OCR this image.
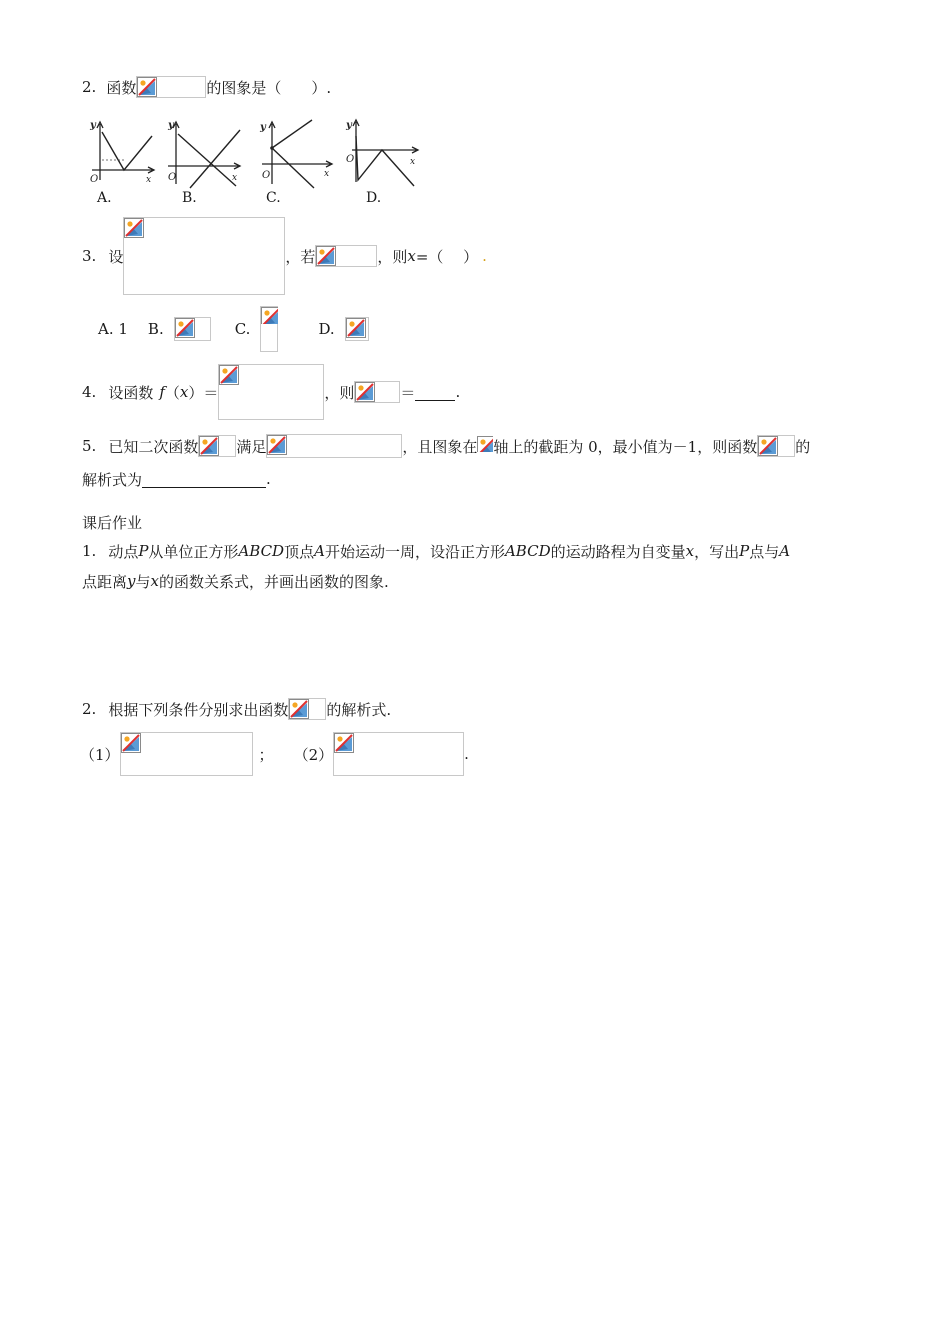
2. 函数	的图象是（　　）.
y
O	x
A.
y
O	x
B.
y
O	x
C.
y
O	x
D.
3. 设	，若	，则 x =（　 ） .
A. 1 B.	C.	D.
4. 设函数 f （ x ） ＝	，则	＝	.
5. 已知二次函数	满足	，且图象在 轴上的截距为 0，最小值为－1，则函数	的
解析式为	.
课后作业
1. 动点 P 从单位正方形 ABCD 顶点 A 开始运动一周，设沿正方形 ABCD 的运动路程为自变量 x ，写出 P 点与 A
点距离 y 与 x 的函数关系式，并画出函数的图象.
2. 根据下列条件分别求出函数	的解析式.
（1）	； （2）	.
